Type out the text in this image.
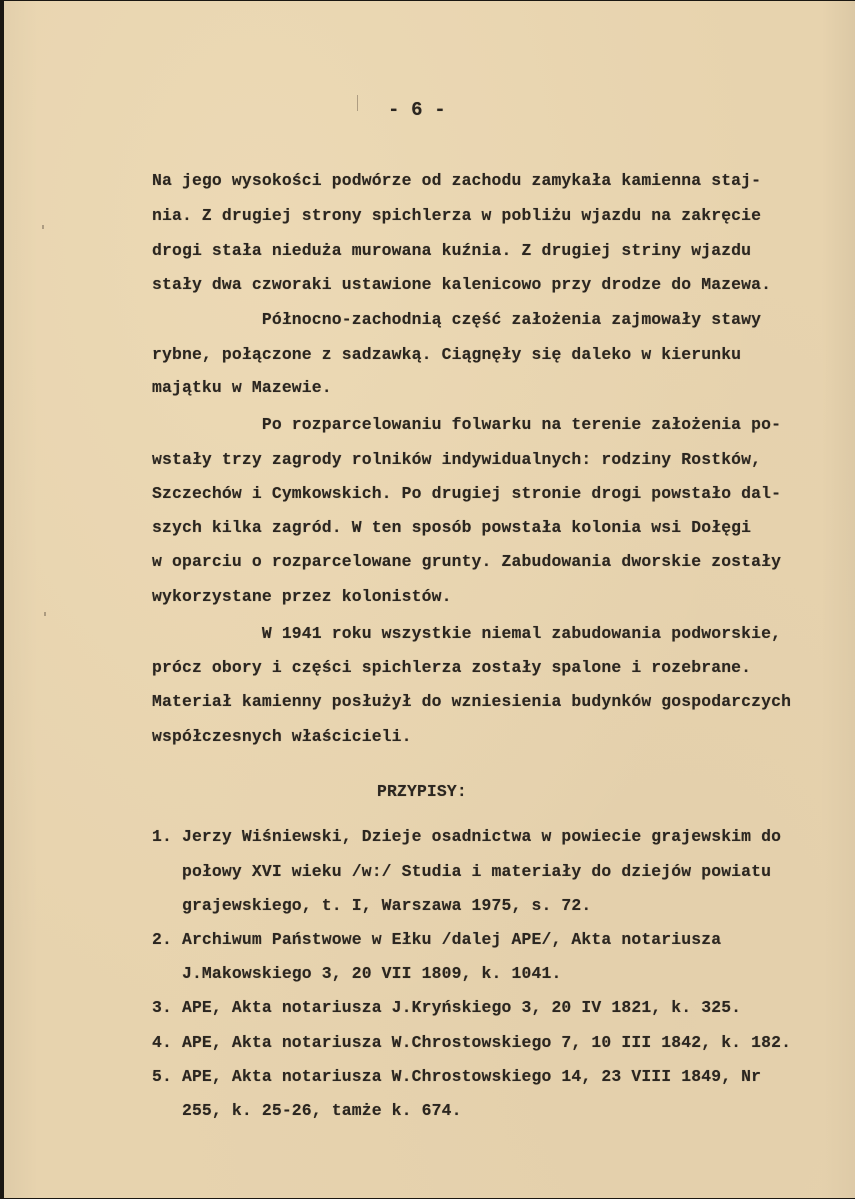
- 6 -
Na jego wysokości podwórze od zachodu zamykała kamienna staj-
nia. Z drugiej strony spichlerza w pobliżu wjazdu na zakręcie
drogi stała nieduża murowana kuźnia. Z drugiej striny wjazdu
stały dwa czworaki ustawione kalenicowo przy drodze do Mazewa.
Północno-zachodnią część założenia zajmowały stawy
rybne, połączone z sadzawką. Ciągnęły się daleko w kierunku
majątku w Mazewie.
Po rozparcelowaniu folwarku na terenie założenia po-
wstały trzy zagrody rolników indywidualnych: rodziny Rostków,
Szczechów i Cymkowskich. Po drugiej stronie drogi powstało dal-
szych kilka zagród. W ten sposób powstała kolonia wsi Dołęgi
w oparciu o rozparcelowane grunty. Zabudowania dworskie zostały
wykorzystane przez kolonistów.
W 1941 roku wszystkie niemal zabudowania podworskie,
prócz obory i części spichlerza zostały spalone i rozebrane.
Materiał kamienny posłużył do wzniesienia budynków gospodarczych
współczesnych właścicieli.
PRZYPISY:
1. Jerzy Wiśniewski, Dzieje osadnictwa w powiecie grajewskim do
połowy XVI wieku /w:/ Studia i materiały do dziejów powiatu
grajewskiego, t. I, Warszawa 1975, s. 72.
2. Archiwum Państwowe w Ełku /dalej APE/, Akta notariusza
J.Makowskiego 3, 20 VII 1809, k. 1041.
3. APE, Akta notariusza J.Kryńskiego 3, 20 IV 1821, k. 325.
4. APE, Akta notariusza W.Chrostowskiego 7, 10 III 1842, k. 182.
5. APE, Akta notariusza W.Chrostowskiego 14, 23 VIII 1849, Nr
255, k. 25-26, tamże k. 674.
